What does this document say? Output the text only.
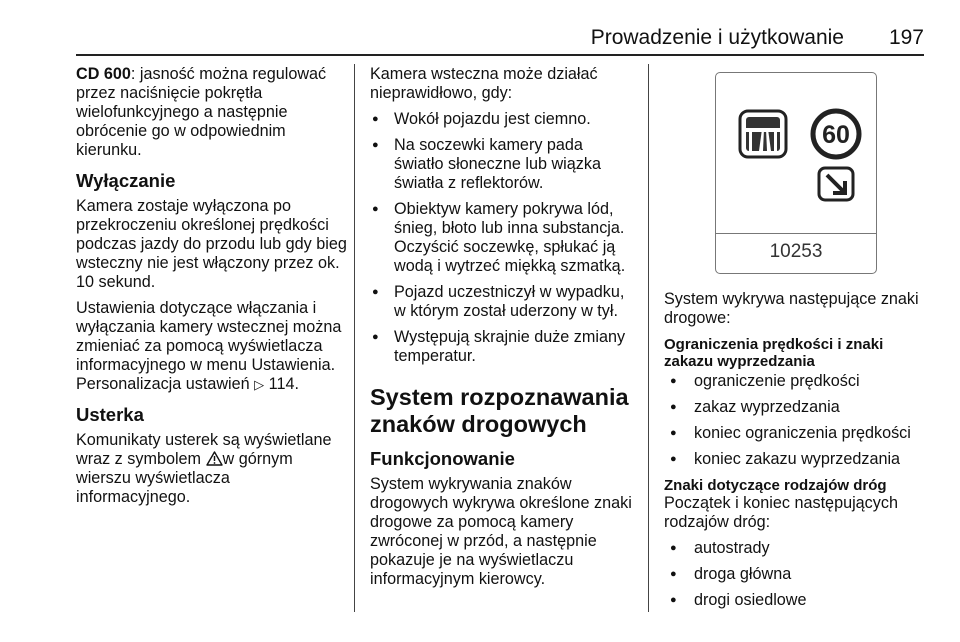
Prowadzenie i użytkowanie 197

CD 600: jasność można regulować przez naciśnięcie pokrętła wielofunkcyjnego a następnie obrócenie go w odpowiednim kierunku.

Wyłączanie

Kamera zostaje wyłączona po przekroczeniu określonej prędkości podczas jazdy do przodu lub gdy bieg wsteczny nie jest włączony przez ok. 10 sekund.

Ustawienia dotyczące włączania i wyłączania kamery wstecznej można zmieniać za pomocą wyświetlacza informacyjnego w menu Ustawienia. Personalizacja ustawień ▷ 114.

Usterka

Komunikaty usterek są wyświetlane wraz z symbolem w górnym wierszu wyświetlacza informacyjnego.

Kamera wsteczna może działać nieprawidłowo, gdy:

● Wokół pojazdu jest ciemno.
● Na soczewki kamery pada światło słoneczne lub wiązka światła z reflektorów.
● Obiektyw kamery pokrywa lód, śnieg, błoto lub inna substancja. Oczyścić soczewkę, spłukać ją wodą i wytrzeć miękką szmatką.
● Pojazd uczestniczył w wypadku, w którym został uderzony w tył.
● Występują skrajnie duże zmiany temperatur.

System rozpoznawania znaków drogowych

Funkcjonowanie

System wykrywania znaków drogowych wykrywa określone znaki drogowe za pomocą kamery zwróconej w przód, a następnie pokazuje je na wyświetlaczu informacyjnym kierowcy.

60
10253

System wykrywa następujące znaki drogowe:

Ograniczenia prędkości i znaki zakazu wyprzedzania

● ograniczenie prędkości
● zakaz wyprzedzania
● koniec ograniczenia prędkości
● koniec zakazu wyprzedzania

Znaki dotyczące rodzajów dróg

Początek i koniec następujących rodzajów dróg:

● autostrady
● droga główna
● drogi osiedlowe
